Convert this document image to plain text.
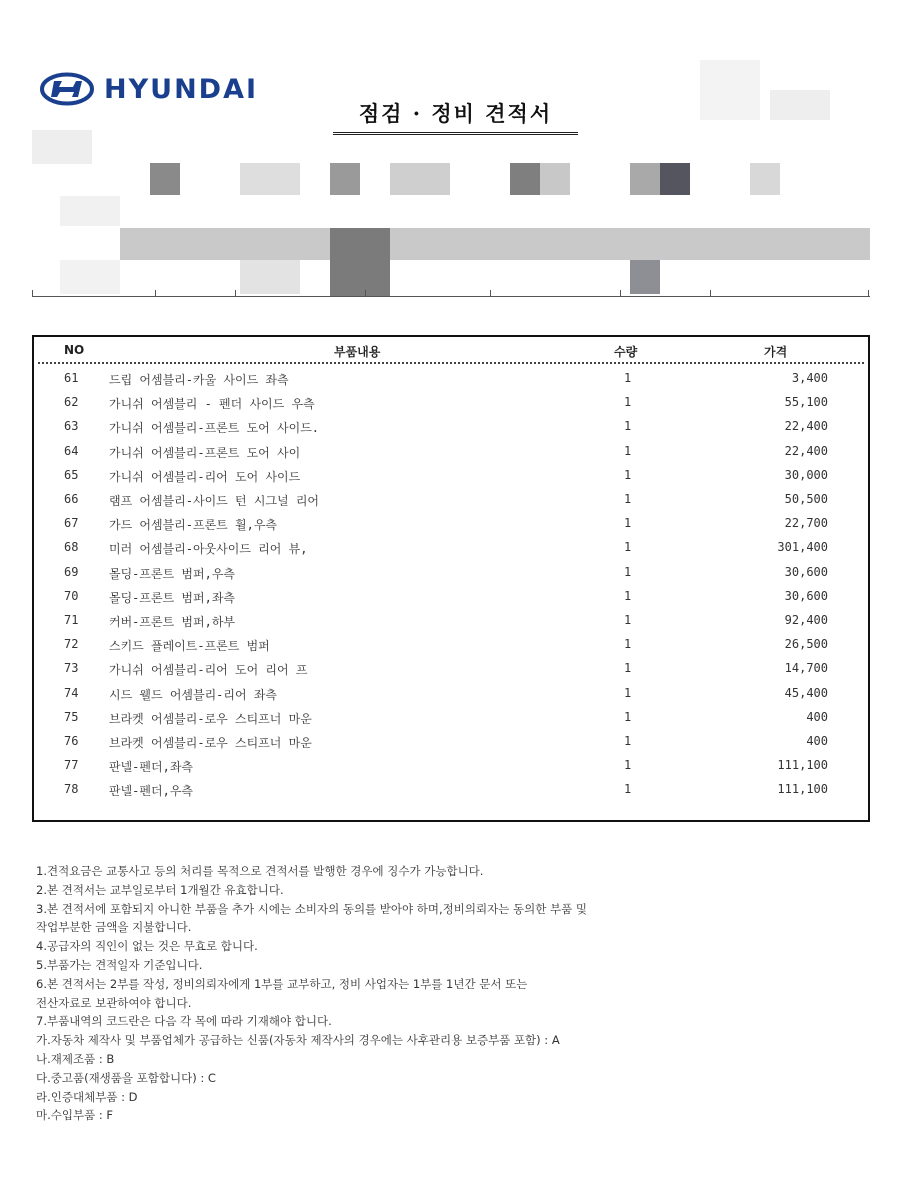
HYUNDAI
점검 · 정비 견적서
NO	부품내용	수량	가격
61	드립 어셈블리-카울 사이드 좌측	1	3,400
62	가니쉬 어셈블리 - 펜더 사이드 우측	1	55,100
63	가니쉬 어셈블리-프론트 도어 사이드.	1	22,400
64	가니쉬 어셈블리-프론트 도어 사이	1	22,400
65	가니쉬 어셈블리-리어 도어 사이드	1	30,000
66	램프 어셈블리-사이드 턴 시그널 리어	1	50,500
67	가드 어셈블리-프론트 휠,우측	1	22,700
68	미러 어셈블리-아웃사이드 리어 뷰,	1	301,400
69	몰딩-프론트 범퍼,우측	1	30,600
70	몰딩-프론트 범퍼,좌측	1	30,600
71	커버-프론트 범퍼,하부	1	92,400
72	스키드 플레이트-프론트 범퍼	1	26,500
73	가니쉬 어셈블리-리어 도어 리어 프	1	14,700
74	시드 웰드 어셈블리-리어 좌측	1	45,400
75	브라켓 어셈블리-로우 스티프너 마운	1	400
76	브라켓 어셈블리-로우 스티프너 마운	1	400
77	판넬-펜더,좌측	1	111,100
78	판넬-펜더,우측	1	111,100
1.견적요금은 교통사고 등의 처리를 목적으로 견적서를 발행한 경우에 징수가 가능합니다.
2.본 견적서는 교부일로부터 1개월간 유효합니다.
3.본 견적서에 포함되지 아니한 부품을 추가 시에는 소비자의 동의를 받아야 하며,정비의뢰자는 동의한 부품 및
작업부분한 금액을 지불합니다.
4.공급자의 직인이 없는 것은 무효로 합니다.
5.부품가는 견적일자 기준입니다.
6.본 견적서는 2부를 작성, 정비의뢰자에게 1부를 교부하고, 정비 사업자는 1부를 1년간 문서 또는
전산자료로 보관하여야 합니다.
7.부품내역의 코드란은 다음 각 목에 따라 기재해야 합니다.
가.자동차 제작사 및 부품업체가 공급하는 신품(자동차 제작사의 경우에는 사후관리용 보증부품 포함) : A
나.재제조품 : B
다.중고품(재생품을 포함합니다) : C
라.인증대체부품 : D
마.수입부품 : F
